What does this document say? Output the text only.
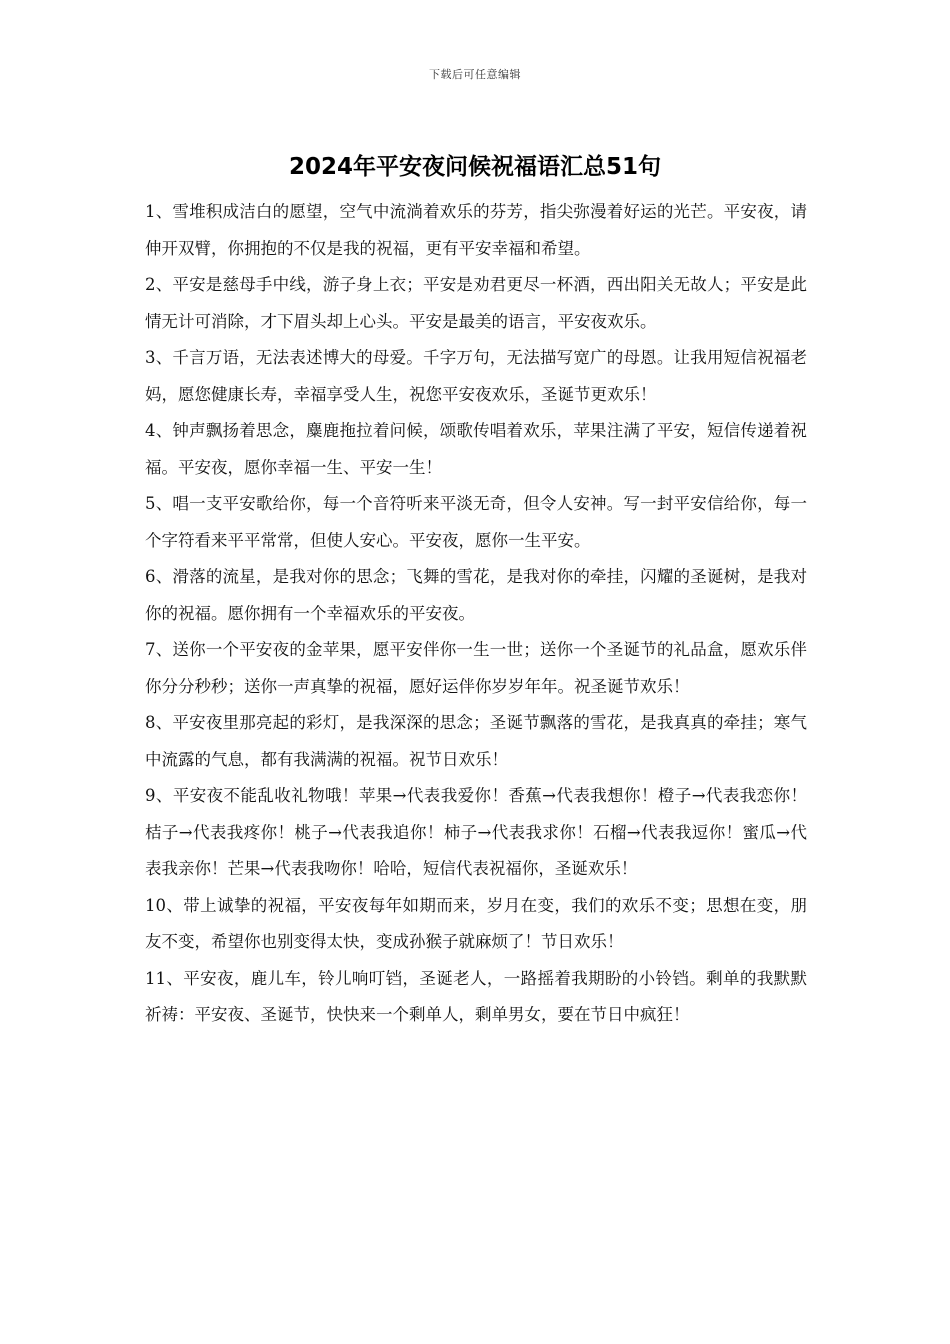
下载后可任意编辑
2024年平安夜问候祝福语汇总51句

1、雪堆积成洁白的愿望，空气中流淌着欢乐的芬芳，指尖弥漫着好运的光芒。平安夜，请伸开双臂，你拥抱的不仅是我的祝福，更有平安幸福和希望。

2、平安是慈母手中线，游子身上衣；平安是劝君更尽一杯酒，西出阳关无故人；平安是此情无计可消除，才下眉头却上心头。平安是最美的语言，平安夜欢乐。

3、千言万语，无法表述博大的母爱。千字万句，无法描写宽广的母恩。让我用短信祝福老妈，愿您健康长寿，幸福享受人生，祝您平安夜欢乐，圣诞节更欢乐！

4、钟声飘扬着思念，麋鹿拖拉着问候，颂歌传唱着欢乐，苹果注满了平安，短信传递着祝福。平安夜，愿你幸福一生、平安一生！

5、唱一支平安歌给你，每一个音符听来平淡无奇，但令人安神。写一封平安信给你，每一个字符看来平平常常，但使人安心。平安夜，愿你一生平安。

6、滑落的流星，是我对你的思念；飞舞的雪花，是我对你的牵挂，闪耀的圣诞树，是我对你的祝福。愿你拥有一个幸福欢乐的平安夜。

7、送你一个平安夜的金苹果，愿平安伴你一生一世；送你一个圣诞节的礼品盒，愿欢乐伴你分分秒秒；送你一声真挚的祝福，愿好运伴你岁岁年年。祝圣诞节欢乐！

8、平安夜里那亮起的彩灯，是我深深的思念；圣诞节飘落的雪花，是我真真的牵挂；寒气中流露的气息，都有我满满的祝福。祝节日欢乐！

9、平安夜不能乱收礼物哦！苹果→代表我爱你！香蕉→代表我想你！橙子→代表我恋你！桔子→代表我疼你！桃子→代表我追你！柿子→代表我求你！石榴→代表我逗你！蜜瓜→代表我亲你！芒果→代表我吻你！哈哈，短信代表祝福你，圣诞欢乐！

10、带上诚挚的祝福，平安夜每年如期而来，岁月在变，我们的欢乐不变；思想在变，朋友不变，希望你也别变得太快，变成孙猴子就麻烦了！节日欢乐！

11、平安夜，鹿儿车，铃儿响叮铛，圣诞老人，一路摇着我期盼的小铃铛。剩单的我默默祈祷：平安夜、圣诞节，快快来一个剩单人，剩单男女，要在节日中疯狂！
